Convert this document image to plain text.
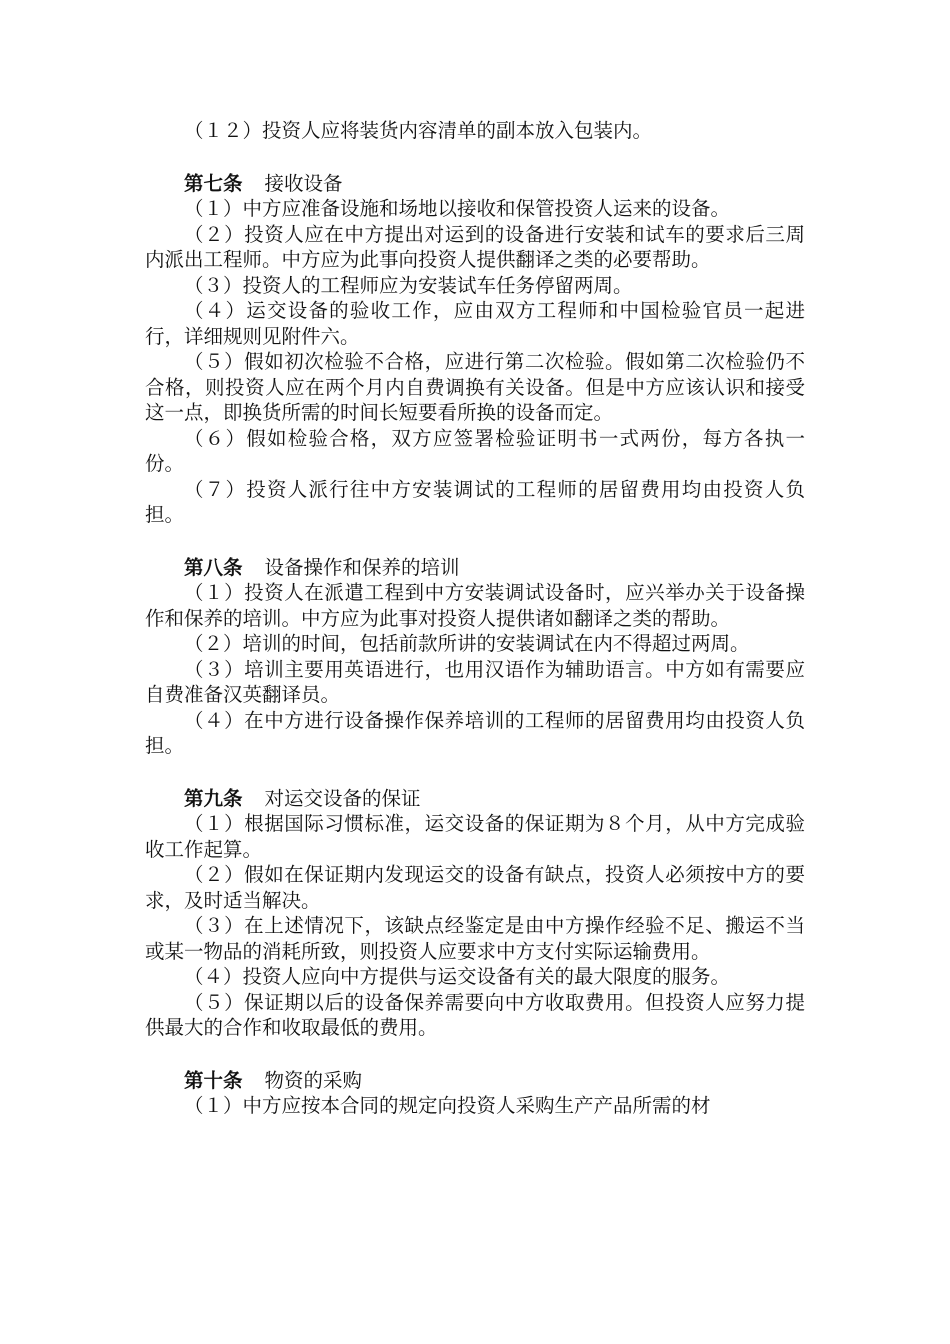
（１２）投资人应将装货内容清单的副本放入包装内。

第七条 接收设备

（１）中方应准备设施和场地以接收和保管投资人运来的设备。

（２）投资人应在中方提出对运到的设备进行安装和试车的要求后三周内派出工程师。中方应为此事向投资人提供翻译之类的必要帮助。

（３）投资人的工程师应为安装试车任务停留两周。

（４）运交设备的验收工作，应由双方工程师和中国检验官员一起进行，详细规则见附件六。

（５）假如初次检验不合格，应进行第二次检验。假如第二次检验仍不合格，则投资人应在两个月内自费调换有关设备。但是中方应该认识和接受这一点，即换货所需的时间长短要看所换的设备而定。

（６）假如检验合格，双方应签署检验证明书一式两份，每方各执一份。

（７）投资人派行往中方安装调试的工程师的居留费用均由投资人负担。

第八条 设备操作和保养的培训

（１）投资人在派遣工程到中方安装调试设备时，应兴举办关于设备操作和保养的培训。中方应为此事对投资人提供诸如翻译之类的帮助。

（２）培训的时间，包括前款所讲的安装调试在内不得超过两周。

（３）培训主要用英语进行，也用汉语作为辅助语言。中方如有需要应自费准备汉英翻译员。

（４）在中方进行设备操作保养培训的工程师的居留费用均由投资人负担。

第九条 对运交设备的保证

（１）根据国际习惯标准，运交设备的保证期为８个月，从中方完成验收工作起算。

（２）假如在保证期内发现运交的设备有缺点，投资人必须按中方的要求，及时适当解决。

（３）在上述情况下，该缺点经鉴定是由中方操作经验不足、搬运不当或某一物品的消耗所致，则投资人应要求中方支付实际运输费用。

（４）投资人应向中方提供与运交设备有关的最大限度的服务。

（５）保证期以后的设备保养需要向中方收取费用。但投资人应努力提供最大的合作和收取最低的费用。

第十条 物资的采购

（１）中方应按本合同的规定向投资人采购生产产品所需的材
